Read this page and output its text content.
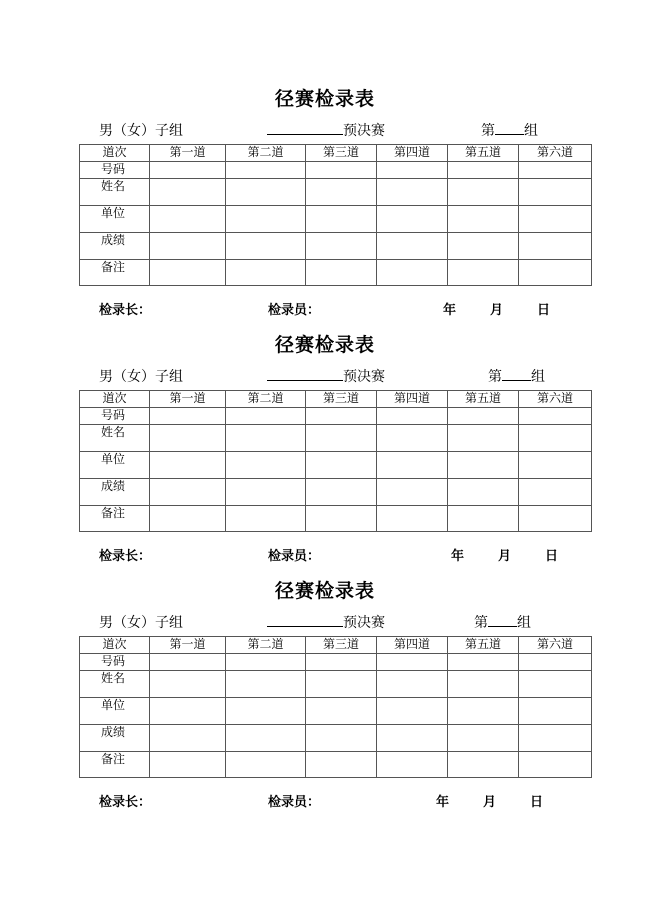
径赛检录表
男（女）子组	预决赛	第 组
道次	第一道	第二道	第三道	第四道	第五道	第六道
号码						
姓名						
单位						
成绩						
备注						
检录长：	检录员：	年	月	日
径赛检录表
男（女）子组	预决赛	第 组
道次	第一道	第二道	第三道	第四道	第五道	第六道
号码						
姓名						
单位						
成绩						
备注						
检录长：	检录员：	年	月	日
径赛检录表
男（女）子组	预决赛	第 组
道次	第一道	第二道	第三道	第四道	第五道	第六道
号码						
姓名						
单位						
成绩						
备注						
检录长：	检录员：	年	月	日
